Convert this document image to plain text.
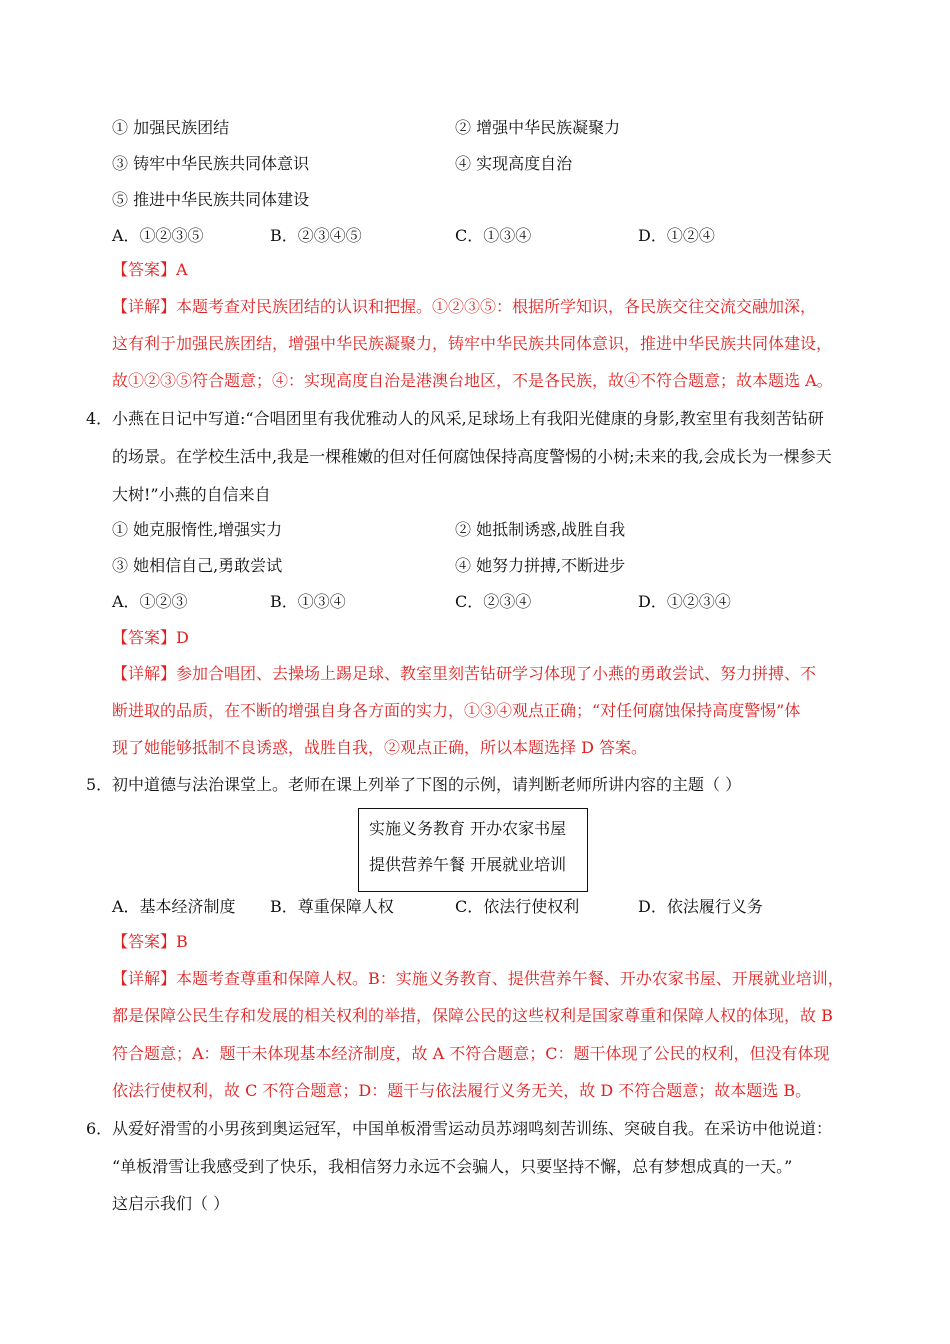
① 加强民族团结	② 增强中华民族凝聚力
③ 铸牢中华民族共同体意识	④ 实现高度自治
⑤ 推进中华民族共同体建设
A．①②③⑤	B．②③④⑤	C．①③④	D．①②④
【答案】A
【详解】本题考查对民族团结的认识和把握。①②③⑤：根据所学知识，各民族交往交流交融加深，
这有利于加强民族团结，增强中华民族凝聚力，铸牢中华民族共同体意识，推进中华民族共同体建设，
故①②③⑤符合题意；④：实现高度自治是港澳台地区，不是各民族，故④不符合题意；故本题选 A。
4． 小燕在日记中写道:“合唱团里有我优雅动人的风采,足球场上有我阳光健康的身影,教室里有我刻苦钻研
的场景。在学校生活中,我是一棵稚嫩的但对任何腐蚀保持高度警惕的小树;未来的我,会成长为一棵参天
大树!”小燕的自信来自
① 她克服惰性,增强实力	② 她抵制诱惑,战胜自我
③ 她相信自己,勇敢尝试	④ 她努力拼搏,不断进步
A．①②③	B．①③④	C．②③④	D．①②③④
【答案】D
【详解】参加合唱团、去操场上踢足球、教室里刻苦钻研学习体现了小燕的勇敢尝试、努力拼搏、不
断进取的品质，在不断的增强自身各方面的实力，①③④观点正确；“对任何腐蚀保持高度警惕”体
现了她能够抵制不良诱惑，战胜自我，②观点正确，所以本题选择 D 答案。
5． 初中道德与法治课堂上。老师在课上列举了下图的示例，请判断老师所讲内容的主题（ ）
实施义务教育 开办农家书屋
提供营养午餐 开展就业培训
A．基本经济制度 B．尊重保障人权	C．依法行使权利	D．依法履行义务
【答案】B
【详解】本题考查尊重和保障人权。B：实施义务教育、提供营养午餐、开办农家书屋、开展就业培训，
都是保障公民生存和发展的相关权利的举措，保障公民的这些权利是国家尊重和保障人权的体现，故 B
符合题意；A：题干未体现基本经济制度，故 A 不符合题意；C：题干体现了公民的权利，但没有体现
依法行使权利，故 C 不符合题意；D：题干与依法履行义务无关，故 D 不符合题意；故本题选 B。
6． 从爱好滑雪的小男孩到奥运冠军，中国单板滑雪运动员苏翊鸣刻苦训练、突破自我。在采访中他说道：
“单板滑雪让我感受到了快乐，我相信努力永远不会骗人，只要坚持不懈，总有梦想成真的一天。”
这启示我们（ ）
